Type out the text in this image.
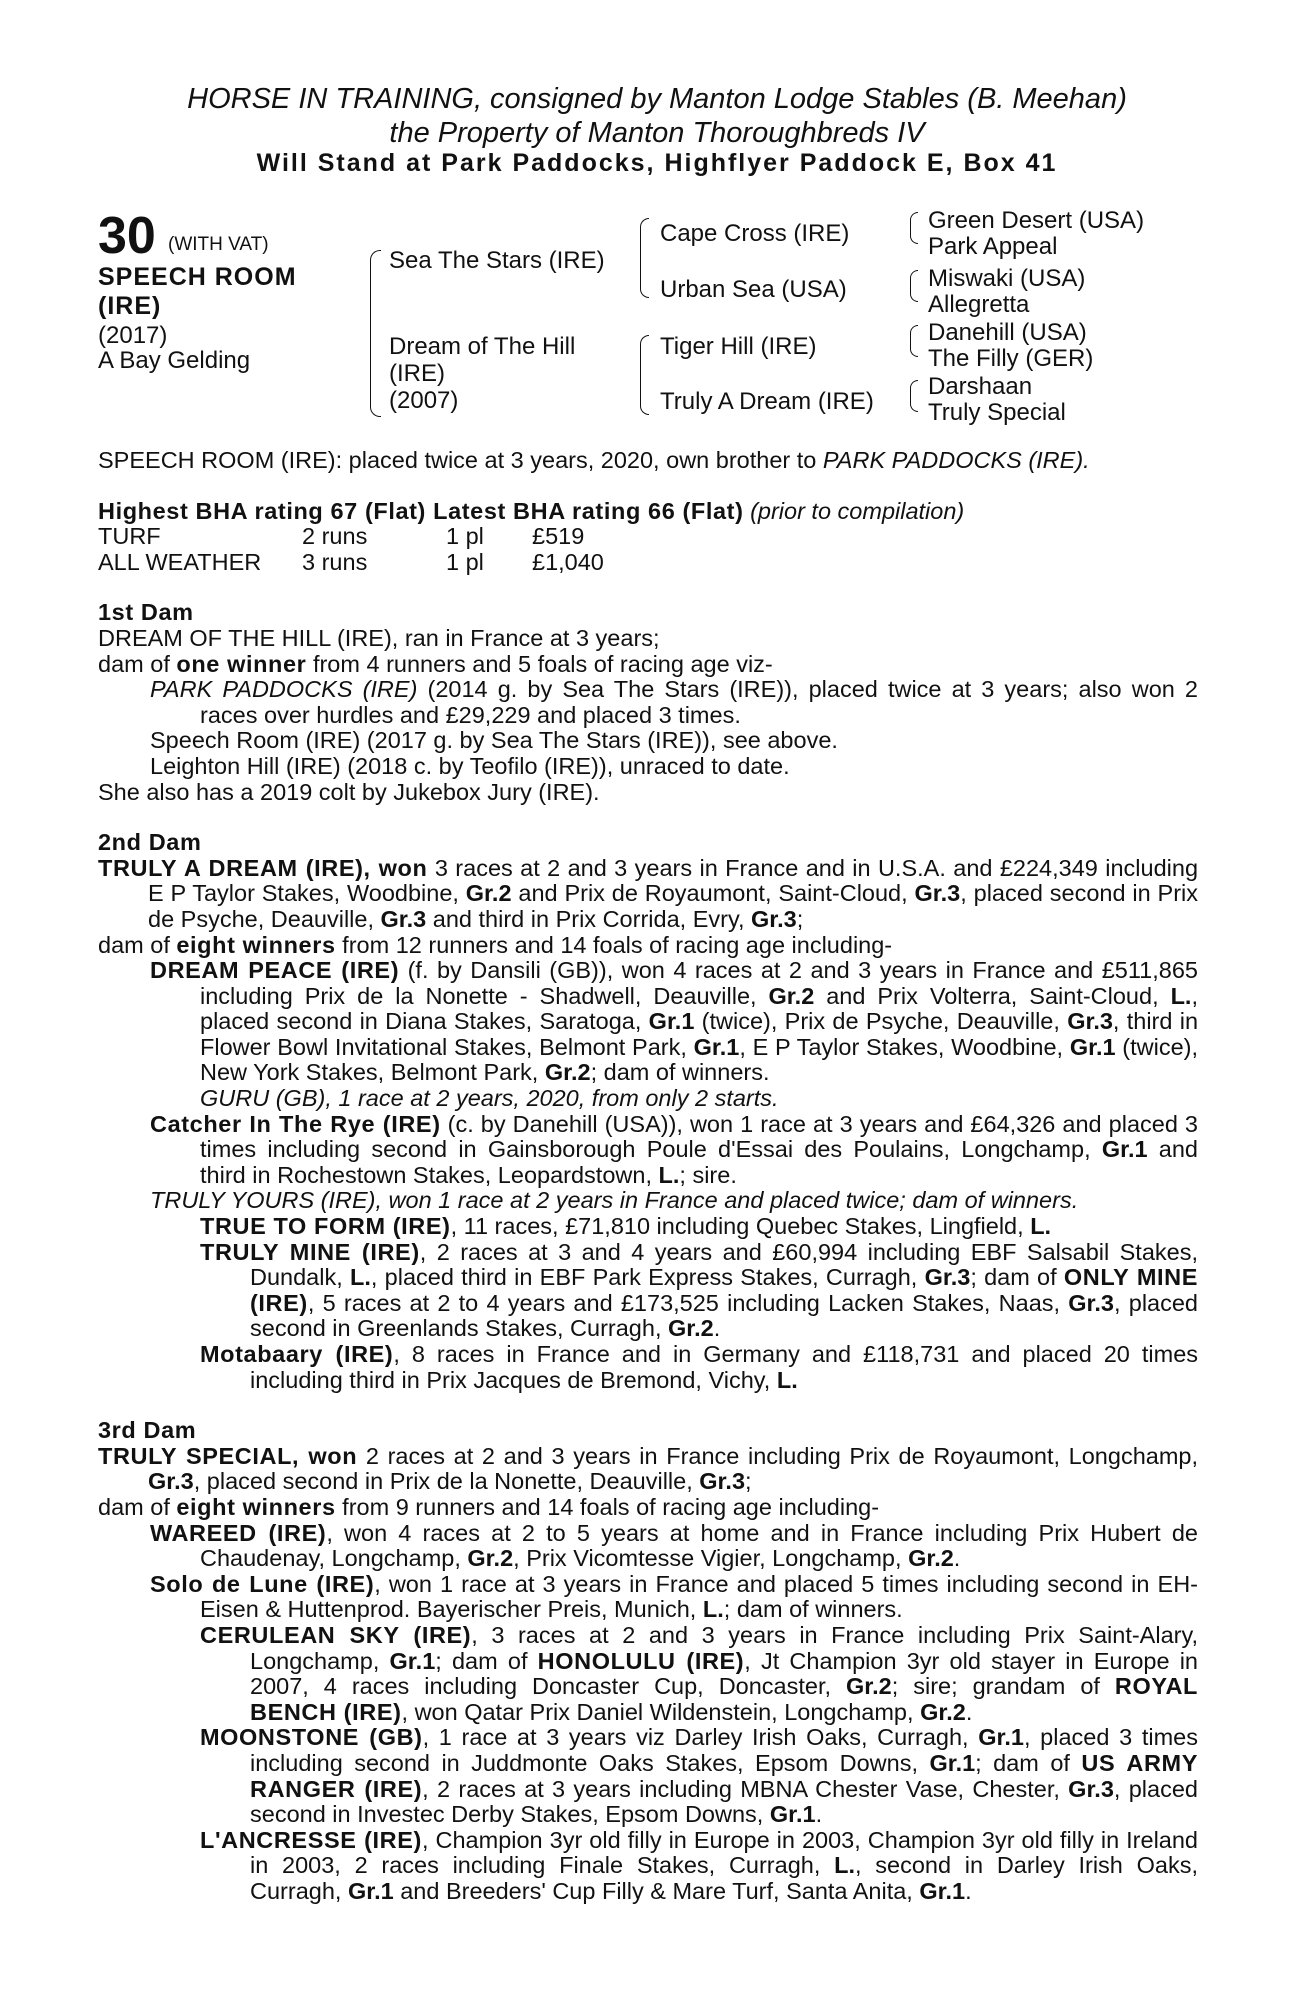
HORSE IN TRAINING, consigned by Manton Lodge Stables (B. Meehan)
the Property of Manton Thoroughbreds IV
Will Stand at Park Paddocks, Highflyer Paddock E, Box 41
30 (WITH VAT)
SPEECH ROOM
(IRE)
(2017)
A Bay Gelding
Sea The Stars (IRE)
Dream of The Hill
(IRE)
(2007)
Cape Cross (IRE)
Urban Sea (USA)
Tiger Hill (IRE)
Truly A Dream (IRE)
Green Desert (USA)
Park Appeal
Miswaki (USA)
Allegretta
Danehill (USA)
The Filly (GER)
Darshaan
Truly Special

SPEECH ROOM (IRE): placed twice at 3 years, 2020, own brother to PARK PADDOCKS (IRE).

Highest BHA rating 67 (Flat) Latest BHA rating 66 (Flat) (prior to compilation)

TURF	2 runs	1 pl £519

ALL WEATHER 3 runs	1 pl £1,040

1st Dam

DREAM OF THE HILL (IRE), ran in France at 3 years;

dam of one winner from 4 runners and 5 foals of racing age viz-

PARK PADDOCKS (IRE) (2014 g. by Sea The Stars (IRE)), placed twice at 3 years; also won 2 races over hurdles and £29,229 and placed 3 times.

Speech Room (IRE) (2017 g. by Sea The Stars (IRE)), see above.

Leighton Hill (IRE) (2018 c. by Teofilo (IRE)), unraced to date.

She also has a 2019 colt by Jukebox Jury (IRE).

2nd Dam

TRULY A DREAM (IRE), won 3 races at 2 and 3 years in France and in U.S.A. and £224,349 including E P Taylor Stakes, Woodbine, Gr.2 and Prix de Royaumont, Saint-Cloud, Gr.3, placed second in Prix de Psyche, Deauville, Gr.3 and third in Prix Corrida, Evry, Gr.3;

dam of eight winners from 12 runners and 14 foals of racing age including-

DREAM PEACE (IRE) (f. by Dansili (GB)), won 4 races at 2 and 3 years in France and £511,865 including Prix de la Nonette - Shadwell, Deauville, Gr.2 and Prix Volterra, Saint-Cloud, L., placed second in Diana Stakes, Saratoga, Gr.1 (twice), Prix de Psyche, Deauville, Gr.3, third in Flower Bowl Invitational Stakes, Belmont Park, Gr.1, E P Taylor Stakes, Woodbine, Gr.1 (twice), New York Stakes, Belmont Park, Gr.2; dam of winners.

GURU (GB), 1 race at 2 years, 2020, from only 2 starts.

Catcher In The Rye (IRE) (c. by Danehill (USA)), won 1 race at 3 years and £64,326 and placed 3 times including second in Gainsborough Poule d'Essai des Poulains, Longchamp, Gr.1 and third in Rochestown Stakes, Leopardstown, L.; sire.

TRULY YOURS (IRE), won 1 race at 2 years in France and placed twice; dam of winners.

TRUE TO FORM (IRE), 11 races, £71,810 including Quebec Stakes, Lingfield, L.

TRULY MINE (IRE), 2 races at 3 and 4 years and £60,994 including EBF Salsabil Stakes, Dundalk, L., placed third in EBF Park Express Stakes, Curragh, Gr.3; dam of ONLY MINE (IRE), 5 races at 2 to 4 years and £173,525 including Lacken Stakes, Naas, Gr.3, placed second in Greenlands Stakes, Curragh, Gr.2.

Motabaary (IRE), 8 races in France and in Germany and £118,731 and placed 20 times including third in Prix Jacques de Bremond, Vichy, L.

3rd Dam

TRULY SPECIAL, won 2 races at 2 and 3 years in France including Prix de Royaumont, Longchamp, Gr.3, placed second in Prix de la Nonette, Deauville, Gr.3;

dam of eight winners from 9 runners and 14 foals of racing age including-

WAREED (IRE), won 4 races at 2 to 5 years at home and in France including Prix Hubert de Chaudenay, Longchamp, Gr.2, Prix Vicomtesse Vigier, Longchamp, Gr.2.

Solo de Lune (IRE), won 1 race at 3 years in France and placed 5 times including second in EH-Eisen & Huttenprod. Bayerischer Preis, Munich, L.; dam of winners.

CERULEAN SKY (IRE), 3 races at 2 and 3 years in France including Prix Saint-Alary, Longchamp, Gr.1; dam of HONOLULU (IRE), Jt Champion 3yr old stayer in Europe in 2007, 4 races including Doncaster Cup, Doncaster, Gr.2; sire; grandam of ROYAL BENCH (IRE), won Qatar Prix Daniel Wildenstein, Longchamp, Gr.2.

MOONSTONE (GB), 1 race at 3 years viz Darley Irish Oaks, Curragh, Gr.1, placed 3 times including second in Juddmonte Oaks Stakes, Epsom Downs, Gr.1; dam of US ARMY RANGER (IRE), 2 races at 3 years including MBNA Chester Vase, Chester, Gr.3, placed second in Investec Derby Stakes, Epsom Downs, Gr.1.

L'ANCRESSE (IRE), Champion 3yr old filly in Europe in 2003, Champion 3yr old filly in Ireland in 2003, 2 races including Finale Stakes, Curragh, L., second in Darley Irish Oaks, Curragh, Gr.1 and Breeders' Cup Filly & Mare Turf, Santa Anita, Gr.1.
